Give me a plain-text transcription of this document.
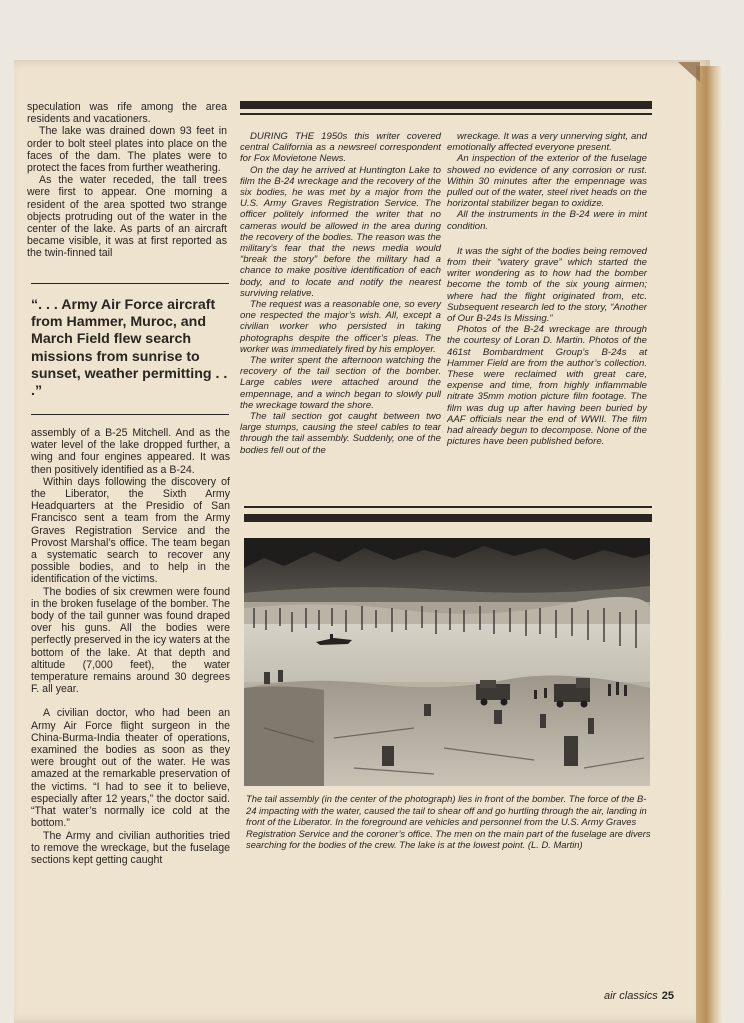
speculation was rife among the area residents and vacationers.

The lake was drained down 93 feet in order to bolt steel plates into place on the faces of the dam. The plates were to protect the faces from further weathering.

As the water receded, the tall trees were first to appear. One morning a resident of the area spotted two strange objects protruding out of the water in the center of the lake. As parts of an aircraft became visible, it was at first reported as the twin-finned tail

“. . . Army Air Force aircraft from Hammer, Muroc, and March Field flew search missions from sunrise to sunset, weather permitting . . .”

assembly of a B-25 Mitchell. And as the water level of the lake dropped further, a wing and four engines appeared. It was then positively identified as a B-24.

Within days following the discovery of the Liberator, the Sixth Army Headquarters at the Presidio of San Francisco sent a team from the Army Graves Registration Service and the Provost Marshal’s office. The team began a systematic search to recover any possible bodies, and to help in the identification of the victims.

The bodies of six crewmen were found in the broken fuselage of the bomber. The body of the tail gunner was found draped over his guns. All the bodies were perfectly preserved in the icy waters at the bottom of the lake. At that depth and altitude (7,000 feet), the water temperature remains around 30 degrees F. all year.

A civilian doctor, who had been an Army Air Force flight surgeon in the China-Burma-India theater of operations, examined the bodies as soon as they were brought out of the water. He was amazed at the remarkable preservation of the victims. “I had to see it to believe, especially after 12 years,” the doctor said. “That water’s normally ice cold at the bottom.”

The Army and civilian authorities tried to remove the wreckage, but the fuselage sections kept getting caught

DURING THE 1950s this writer covered central California as a newsreel correspondent for Fox Movietone News.

On the day he arrived at Huntington Lake to film the B-24 wreckage and the recovery of the six bodies, he was met by a major from the U.S. Army Graves Registration Service. The officer politely informed the writer that no cameras would be allowed in the area during the recovery of the bodies. The reason was the military’s fear that the news media would “break the story” before the military had a chance to make positive identification of each body, and to locate and notify the nearest surviving relative.

The request was a reasonable one, so every one respected the major’s wish. All, except a civilian worker who persisted in taking photographs despite the officer’s pleas. The worker was immediately fired by his employer.

The writer spent the afternoon watching the recovery of the tail section of the bomber. Large cables were attached around the empennage, and a winch began to slowly pull the wreckage toward the shore.

The tail section got caught between two large stumps, causing the steel cables to tear through the tail assembly. Suddenly, one of the bodies fell out of the

wreckage. It was a very unnerving sight, and emotionally affected everyone present.

An inspection of the exterior of the fuselage showed no evidence of any corrosion or rust. Within 30 minutes after the empennage was pulled out of the water, steel rivet heads on the horizontal stabilizer began to oxidize.

All the instruments in the B-24 were in mint condition.

It was the sight of the bodies being removed from their “watery grave” which started the writer wondering as to how had the bomber become the tomb of the six young airmen; where had the flight originated from, etc. Subsequent research led to the story, “Another of Our B-24s Is Missing.”

Photos of the B-24 wreckage are through the courtesy of Loran D. Martin. Photos of the 461st Bombardment Group’s B-24s at Hammer Field are from the author’s collection. These were reclaimed with great care, expense and time, from highly inflammable nitrate 35mm motion picture film footage. The film was dug up after having been buried by AAF officials near the end of WWII. The film had already begun to decompose. None of the pictures have been published before.

The tail assembly (in the center of the photograph) lies in front of the bomber. The force of the B-24 impacting with the water, caused the tail to shear off and go hurtling through the air, landing in front of the Liberator. In the foreground are vehicles and personnel from the U.S. Army Graves Registration Service and the coroner’s office. The men on the main part of the fuselage are divers searching for the bodies of the crew. The lake is at the lowest point. (L. D. Martin)
air classics 25
